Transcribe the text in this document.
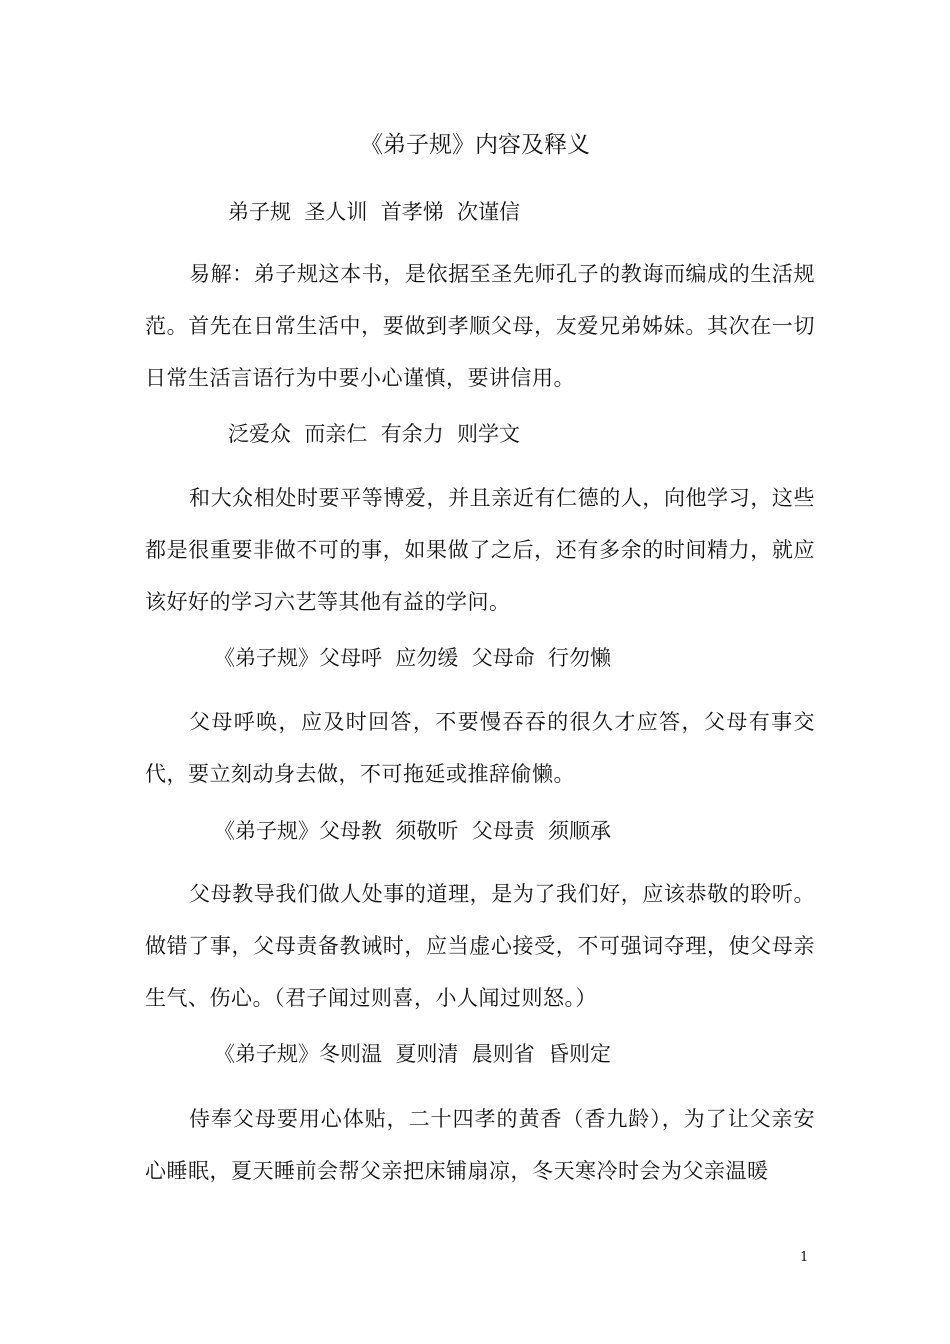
《弟子规》内容及释义
弟子规  圣人训  首孝悌  次谨信
易解：弟子规这本书，是依据至圣先师孔子的教诲而编成的生活规范。首先在日常生活中，要做到孝顺父母，友爱兄弟姊妹。其次在一切日常生活言语行为中要小心谨慎，要讲信用。
泛爱众  而亲仁  有余力  则学文
和大众相处时要平等博爱，并且亲近有仁德的人，向他学习，这些都是很重要非做不可的事，如果做了之后，还有多余的时间精力，就应该好好的学习六艺等其他有益的学问。
《弟子规》父母呼  应勿缓  父母命  行勿懒
父母呼唤，应及时回答，不要慢吞吞的很久才应答，父母有事交代，要立刻动身去做，不可拖延或推辞偷懒。
《弟子规》父母教  须敬听  父母责  须顺承
父母教导我们做人处事的道理，是为了我们好，应该恭敬的聆听。做错了事，父母责备教诫时，应当虚心接受，不可强词夺理，使父母亲生气、伤心。（君子闻过则喜，小人闻过则怒。）
《弟子规》冬则温  夏则清  晨则省  昏则定
侍奉父母要用心体贴，二十四孝的黄香（香九龄），为了让父亲安心睡眠，夏天睡前会帮父亲把床铺扇凉，冬天寒冷时会为父亲温暖
1
